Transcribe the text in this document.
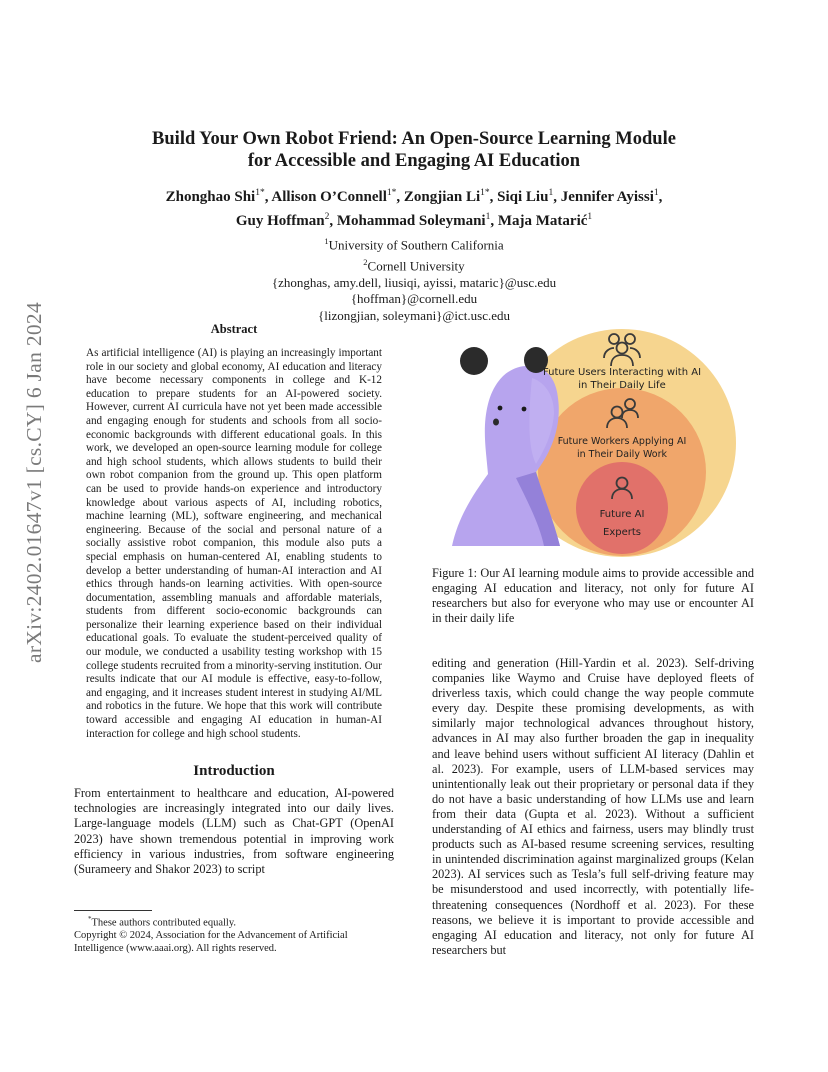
arXiv:2402.01647v1 [cs.CY] 6 Jan 2024
Build Your Own Robot Friend: An Open-Source Learning Module
for Accessible and Engaging AI Education
Zhonghao Shi$^{1*}$, Allison O’Connell$^{1*}$, Zongjian $Li^{1*}$, Siqi Liu$^1$, Jennifer Ayissi$^1$,
Guy Hoffman$^2$, Mohammad Soleymani$^1$, Maja Matarić$^1$
$^1$University of Southern California
$^2$Cornell University
{zhonghas, amy.dell, liusiqi, ayissi, mataric}@usc.edu
{hoffman}@cornell.edu
{lizongjian, soleymani}@ict.usc.edu
Abstract
As artificial intelligence (AI) is playing an increasingly important role in our society and global economy, AI education and literacy have become necessary components in college and K-12 education to prepare students for an AI-powered society. However, current AI curricula have not yet been made accessible and engaging enough for students and schools from all socio-economic backgrounds with different educational goals. In this work, we developed an open-source learning module for college and high school students, which allows students to build their own robot companion from the ground up. This open platform can be used to provide hands-on experience and introductory knowledge about various aspects of AI, including robotics, machine learning (ML), software engineering, and mechanical engineering. Because of the social and personal nature of a socially assistive robot companion, this module also puts a special emphasis on human-centered AI, enabling students to develop a better understanding of human-AI interaction and AI ethics through hands-on learning activities. With open-source documentation, assembling manuals and affordable materials, students from different socio-economic backgrounds can personalize their learning experience based on their individual educational goals. To evaluate the student-perceived quality of our module, we conducted a usability testing workshop with 15 college students recruited from a minority-serving institution. Our results indicate that our AI module is effective, easy-to-follow, and engaging, and it increases student interest in studying AI/ML and robotics in the future. We hope that this work will contribute toward accessible and engaging AI education in human-AI interaction for college and high school students.
Introduction
From entertainment to healthcare and education, AI-powered technologies are increasingly integrated into our daily lives. Large-language models (LLM) such as Chat-GPT (OpenAI 2023) have shown tremendous potential in improving work efficiency in various industries, from software engineering (Surameery and Shakor 2023) to script
*These authors contributed equally.
Copyright © 2024, Association for the Advancement of Artificial Intelligence (www.aaai.org). All rights reserved.
Future Users Interacting with AI
in Their Daily Life
Future Workers Applying AI
in Their Daily Work
Future AI
Experts
Figure 1: Our AI learning module aims to provide accessible and engaging AI education and literacy, not only for future AI researchers but also for everyone who may use or encounter AI in their daily life
editing and generation (Hill-Yardin et al. 2023). Self-driving companies like Waymo and Cruise have deployed fleets of driverless taxis, which could change the way people commute every day. Despite these promising developments, as with similarly major technological advances throughout history, advances in AI may also further broaden the gap in inequality and leave behind users without sufficient AI literacy (Dahlin et al. 2023). For example, users of LLM-based services may unintentionally leak out their proprietary or personal data if they do not have a basic understanding of how LLMs use and learn from their data (Gupta et al. 2023). Without a sufficient understanding of AI ethics and fairness, users may blindly trust products such as AI-based resume screening services, resulting in unintended discrimination against marginalized groups (Kelan 2023). AI services such as Tesla’s full self-driving feature may be misunderstood and used incorrectly, with potentially life-threatening consequences (Nordhoff et al. 2023). For these reasons, we believe it is important to provide accessible and engaging AI education and literacy, not only for future AI researchers but
